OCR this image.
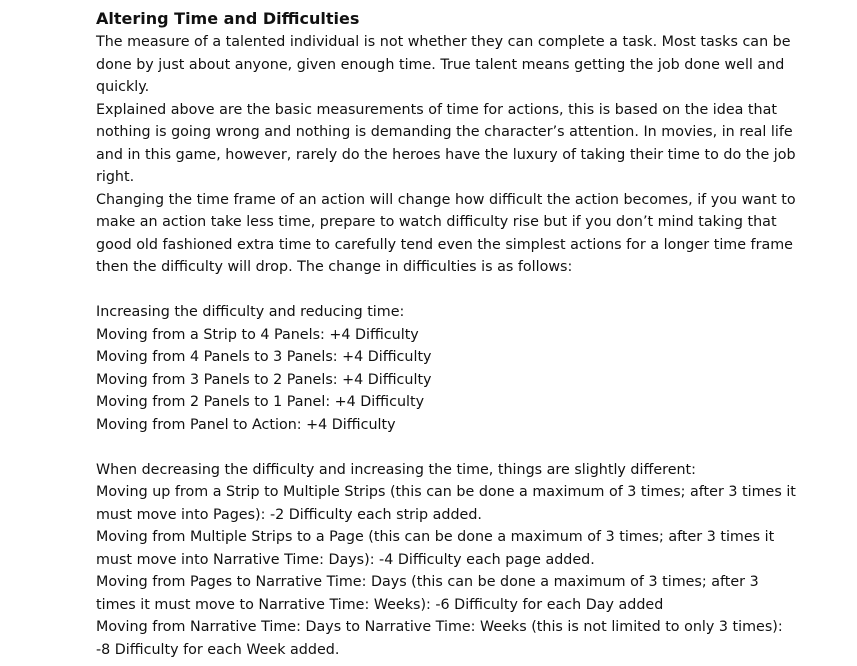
Altering Time and Difficulties

The measure of a talented individual is not whether they can complete a task. Most tasks can be done by just about anyone, given enough time. True talent means getting the job done well and quickly.

Explained above are the basic measurements of time for actions, this is based on the idea that nothing is going wrong and nothing is demanding the character’s attention. In movies, in real life and in this game, however, rarely do the heroes have the luxury of taking their time to do the job right.

Changing the time frame of an action will change how difficult the action becomes, if you want to make an action take less time, prepare to watch difficulty rise but if you don’t mind taking that good old fashioned extra time to carefully tend even the simplest actions for a longer time frame then the difficulty will drop. The change in difficulties is as follows:

Increasing the difficulty and reducing time:

Moving from a Strip to 4 Panels: +4 Difficulty

Moving from 4 Panels to 3 Panels: +4 Difficulty

Moving from 3 Panels to 2 Panels: +4 Difficulty

Moving from 2 Panels to 1 Panel: +4 Difficulty

Moving from Panel to Action: +4 Difficulty

When decreasing the difficulty and increasing the time, things are slightly different:

Moving up from a Strip to Multiple Strips (this can be done a maximum of 3 times; after 3 times it must move into Pages): -2 Difficulty each strip added.

Moving from Multiple Strips to a Page (this can be done a maximum of 3 times; after 3 times it must move into Narrative Time: Days): -4 Difficulty each page added.

Moving from Pages to Narrative Time: Days (this can be done a maximum of 3 times; after 3 times it must move to Narrative Time: Weeks): -6 Difficulty for each Day added

Moving from Narrative Time: Days to Narrative Time: Weeks (this is not limited to only 3 times): -8 Difficulty for each Week added.
